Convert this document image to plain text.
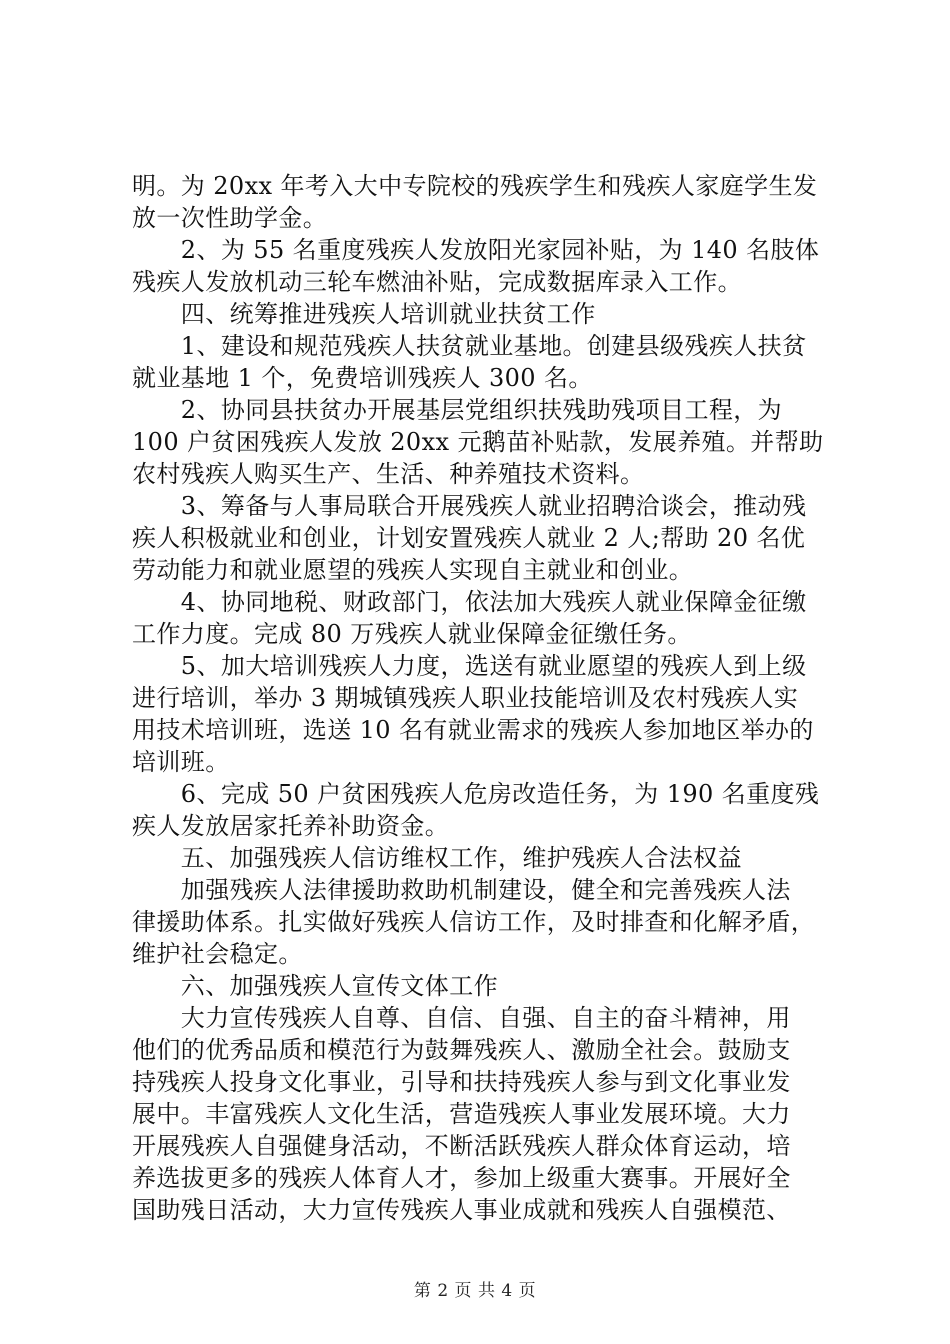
明。为 20xx 年考入大中专院校的残疾学生和残疾人家庭学生发
放一次性助学金。
　　2、为 55 名重度残疾人发放阳光家园补贴，为 140 名肢体
残疾人发放机动三轮车燃油补贴，完成数据库录入工作。
　　四、统筹推进残疾人培训就业扶贫工作
　　1、建设和规范残疾人扶贫就业基地。创建县级残疾人扶贫
就业基地 1 个，免费培训残疾人 300 名。
　　2、协同县扶贫办开展基层党组织扶残助残项目工程，为
100 户贫困残疾人发放 20xx 元鹅苗补贴款，发展养殖。并帮助
农村残疾人购买生产、生活、种养殖技术资料。
　　3、筹备与人事局联合开展残疾人就业招聘洽谈会，推动残
疾人积极就业和创业，计划安置残疾人就业 2 人;帮助 20 名优
劳动能力和就业愿望的残疾人实现自主就业和创业。
　　4、协同地税、财政部门，依法加大残疾人就业保障金征缴
工作力度。完成 80 万残疾人就业保障金征缴任务。
　　5、加大培训残疾人力度，选送有就业愿望的残疾人到上级
进行培训，举办 3 期城镇残疾人职业技能培训及农村残疾人实
用技术培训班，选送 10 名有就业需求的残疾人参加地区举办的
培训班。
　　6、完成 50 户贫困残疾人危房改造任务，为 190 名重度残
疾人发放居家托养补助资金。
　　五、加强残疾人信访维权工作，维护残疾人合法权益
　　加强残疾人法律援助救助机制建设，健全和完善残疾人法
律援助体系。扎实做好残疾人信访工作，及时排查和化解矛盾，
维护社会稳定。
　　六、加强残疾人宣传文体工作
　　大力宣传残疾人自尊、自信、自强、自主的奋斗精神，用
他们的优秀品质和模范行为鼓舞残疾人、激励全社会。鼓励支
持残疾人投身文化事业，引导和扶持残疾人参与到文化事业发
展中。丰富残疾人文化生活，营造残疾人事业发展环境。大力
开展残疾人自强健身活动，不断活跃残疾人群众体育运动，培
养选拔更多的残疾人体育人才，参加上级重大赛事。开展好全
国助残日活动，大力宣传残疾人事业成就和残疾人自强模范、
第 2 页 共 4 页
